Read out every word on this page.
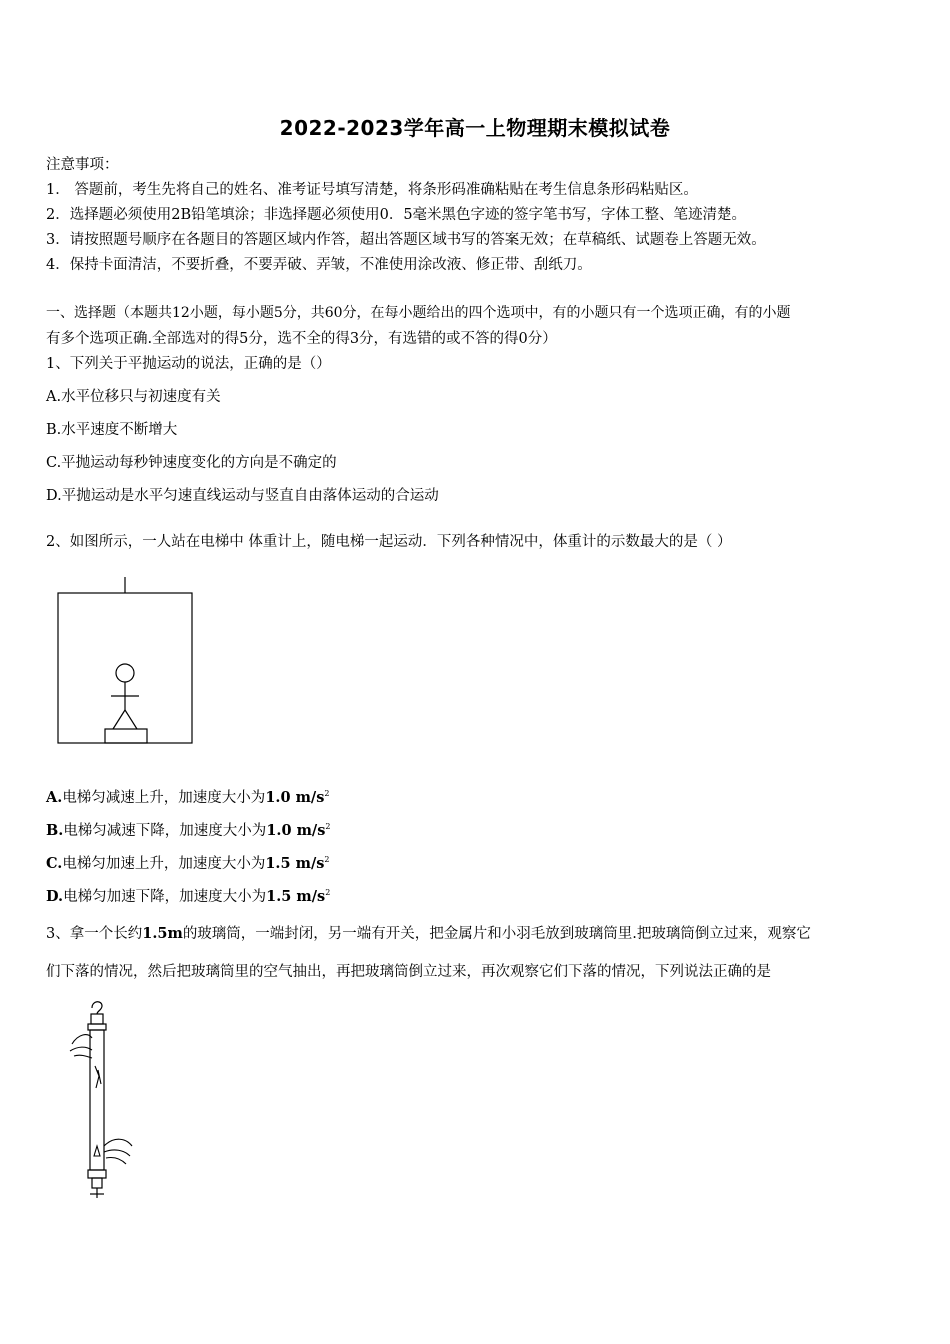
2022-2023学年高一上物理期末模拟试卷
注意事项：
1． 答题前，考生先将自己的姓名、准考证号填写清楚，将条形码准确粘贴在考生信息条形码粘贴区。
2．选择题必须使用2B铅笔填涂；非选择题必须使用0．5毫米黑色字迹的签字笔书写，字体工整、笔迹清楚。
3．请按照题号顺序在各题目的答题区域内作答，超出答题区域书写的答案无效；在草稿纸、试题卷上答题无效。
4．保持卡面清洁，不要折叠，不要弄破、弄皱，不准使用涂改液、修正带、刮纸刀。
一、选择题（本题共12小题，每小题5分，共60分，在每小题给出的四个选项中，有的小题只有一个选项正确，有的小题
有多个选项正确.全部选对的得5分，选不全的得3分，有选错的或不答的得0分）
1、下列关于平抛运动的说法，正确的是（）
A.水平位移只与初速度有关
B.水平速度不断增大
C.平抛运动每秒钟速度变化的方向是不确定的
D.平抛运动是水平匀速直线运动与竖直自由落体运动的合运动
2、如图所示，一人站在电梯中 体重计上，随电梯一起运动．下列各种情况中，体重计的示数最大的是（ ）
A.电梯匀减速上升，加速度大小为1.0 $m/s^2$
B.电梯匀减速下降，加速度大小为1.0 $m/s^2$
C.电梯匀加速上升，加速度大小为1.5 $m/s^2$
D.电梯匀加速下降，加速度大小为1.5 $m/s^2$
3、拿一个长约1.5m的玻璃筒，一端封闭，另一端有开关，把金属片和小羽毛放到玻璃筒里.把玻璃筒倒立过来，观察它
们下落的情况，然后把玻璃筒里的空气抽出，再把玻璃筒倒立过来，再次观察它们下落的情况，下列说法正确的是
